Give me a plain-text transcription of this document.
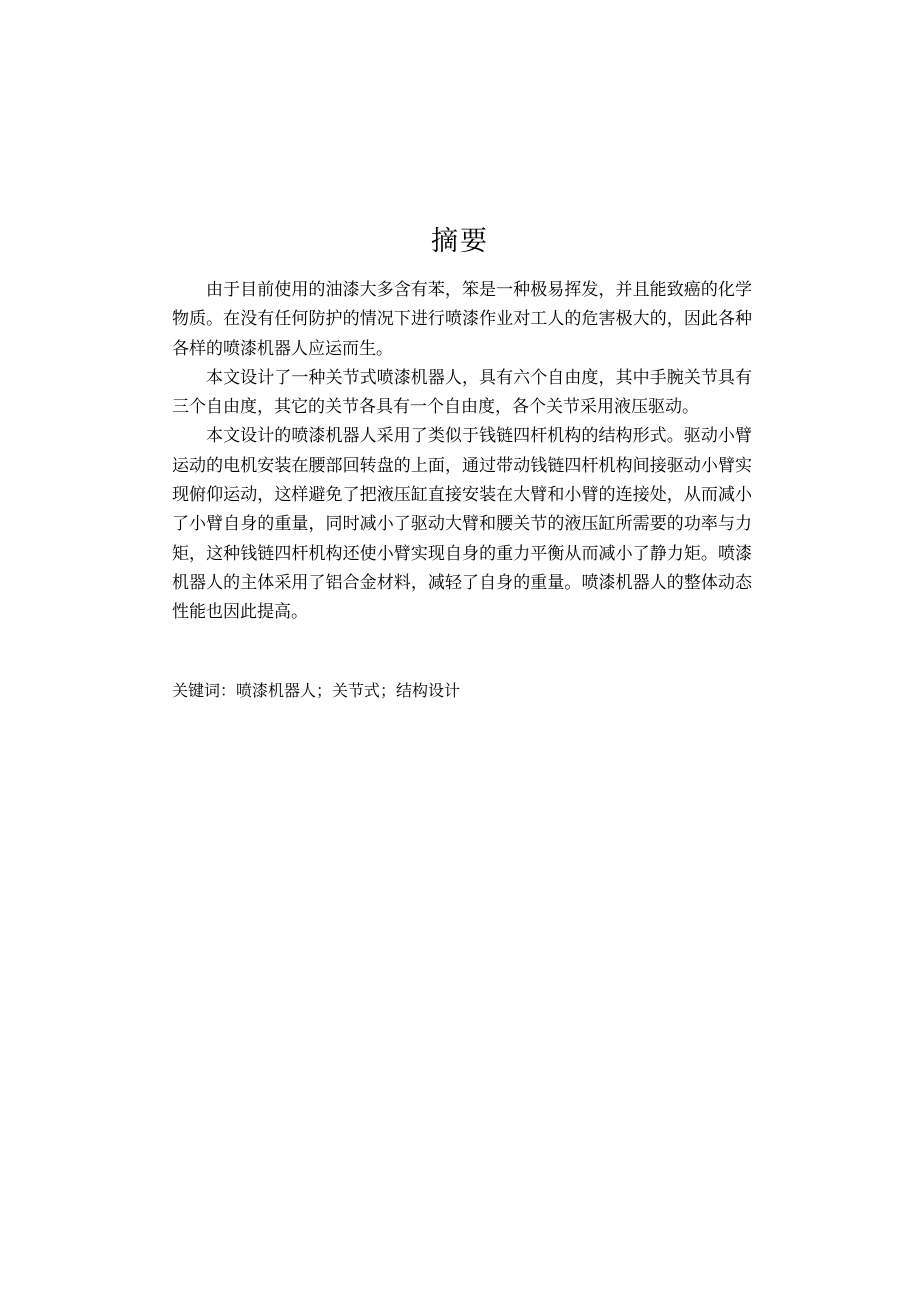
摘要

由于目前使用的油漆大多含有苯，笨是一种极易挥发，并且能致癌的化学物质。在没有任何防护的情况下进行喷漆作业对工人的危害极大的，因此各种各样的喷漆机器人应运而生。

本文设计了一种关节式喷漆机器人，具有六个自由度，其中手腕关节具有三个自由度，其它的关节各具有一个自由度，各个关节采用液压驱动。

本文设计的喷漆机器人采用了类似于钱链四杆机构的结构形式。驱动小臂运动的电机安装在腰部回转盘的上面，通过带动钱链四杆机构间接驱动小臂实现俯仰运动，这样避免了把液压缸直接安装在大臂和小臂的连接处，从而减小了小臂自身的重量，同时减小了驱动大臂和腰关节的液压缸所需要的功率与力矩，这种钱链四杆机构还使小臂实现自身的重力平衡从而减小了静力矩。喷漆机器人的主体采用了铝合金材料，减轻了自身的重量。喷漆机器人的整体动态性能也因此提高。

关键词：喷漆机器人；关节式；结构设计
